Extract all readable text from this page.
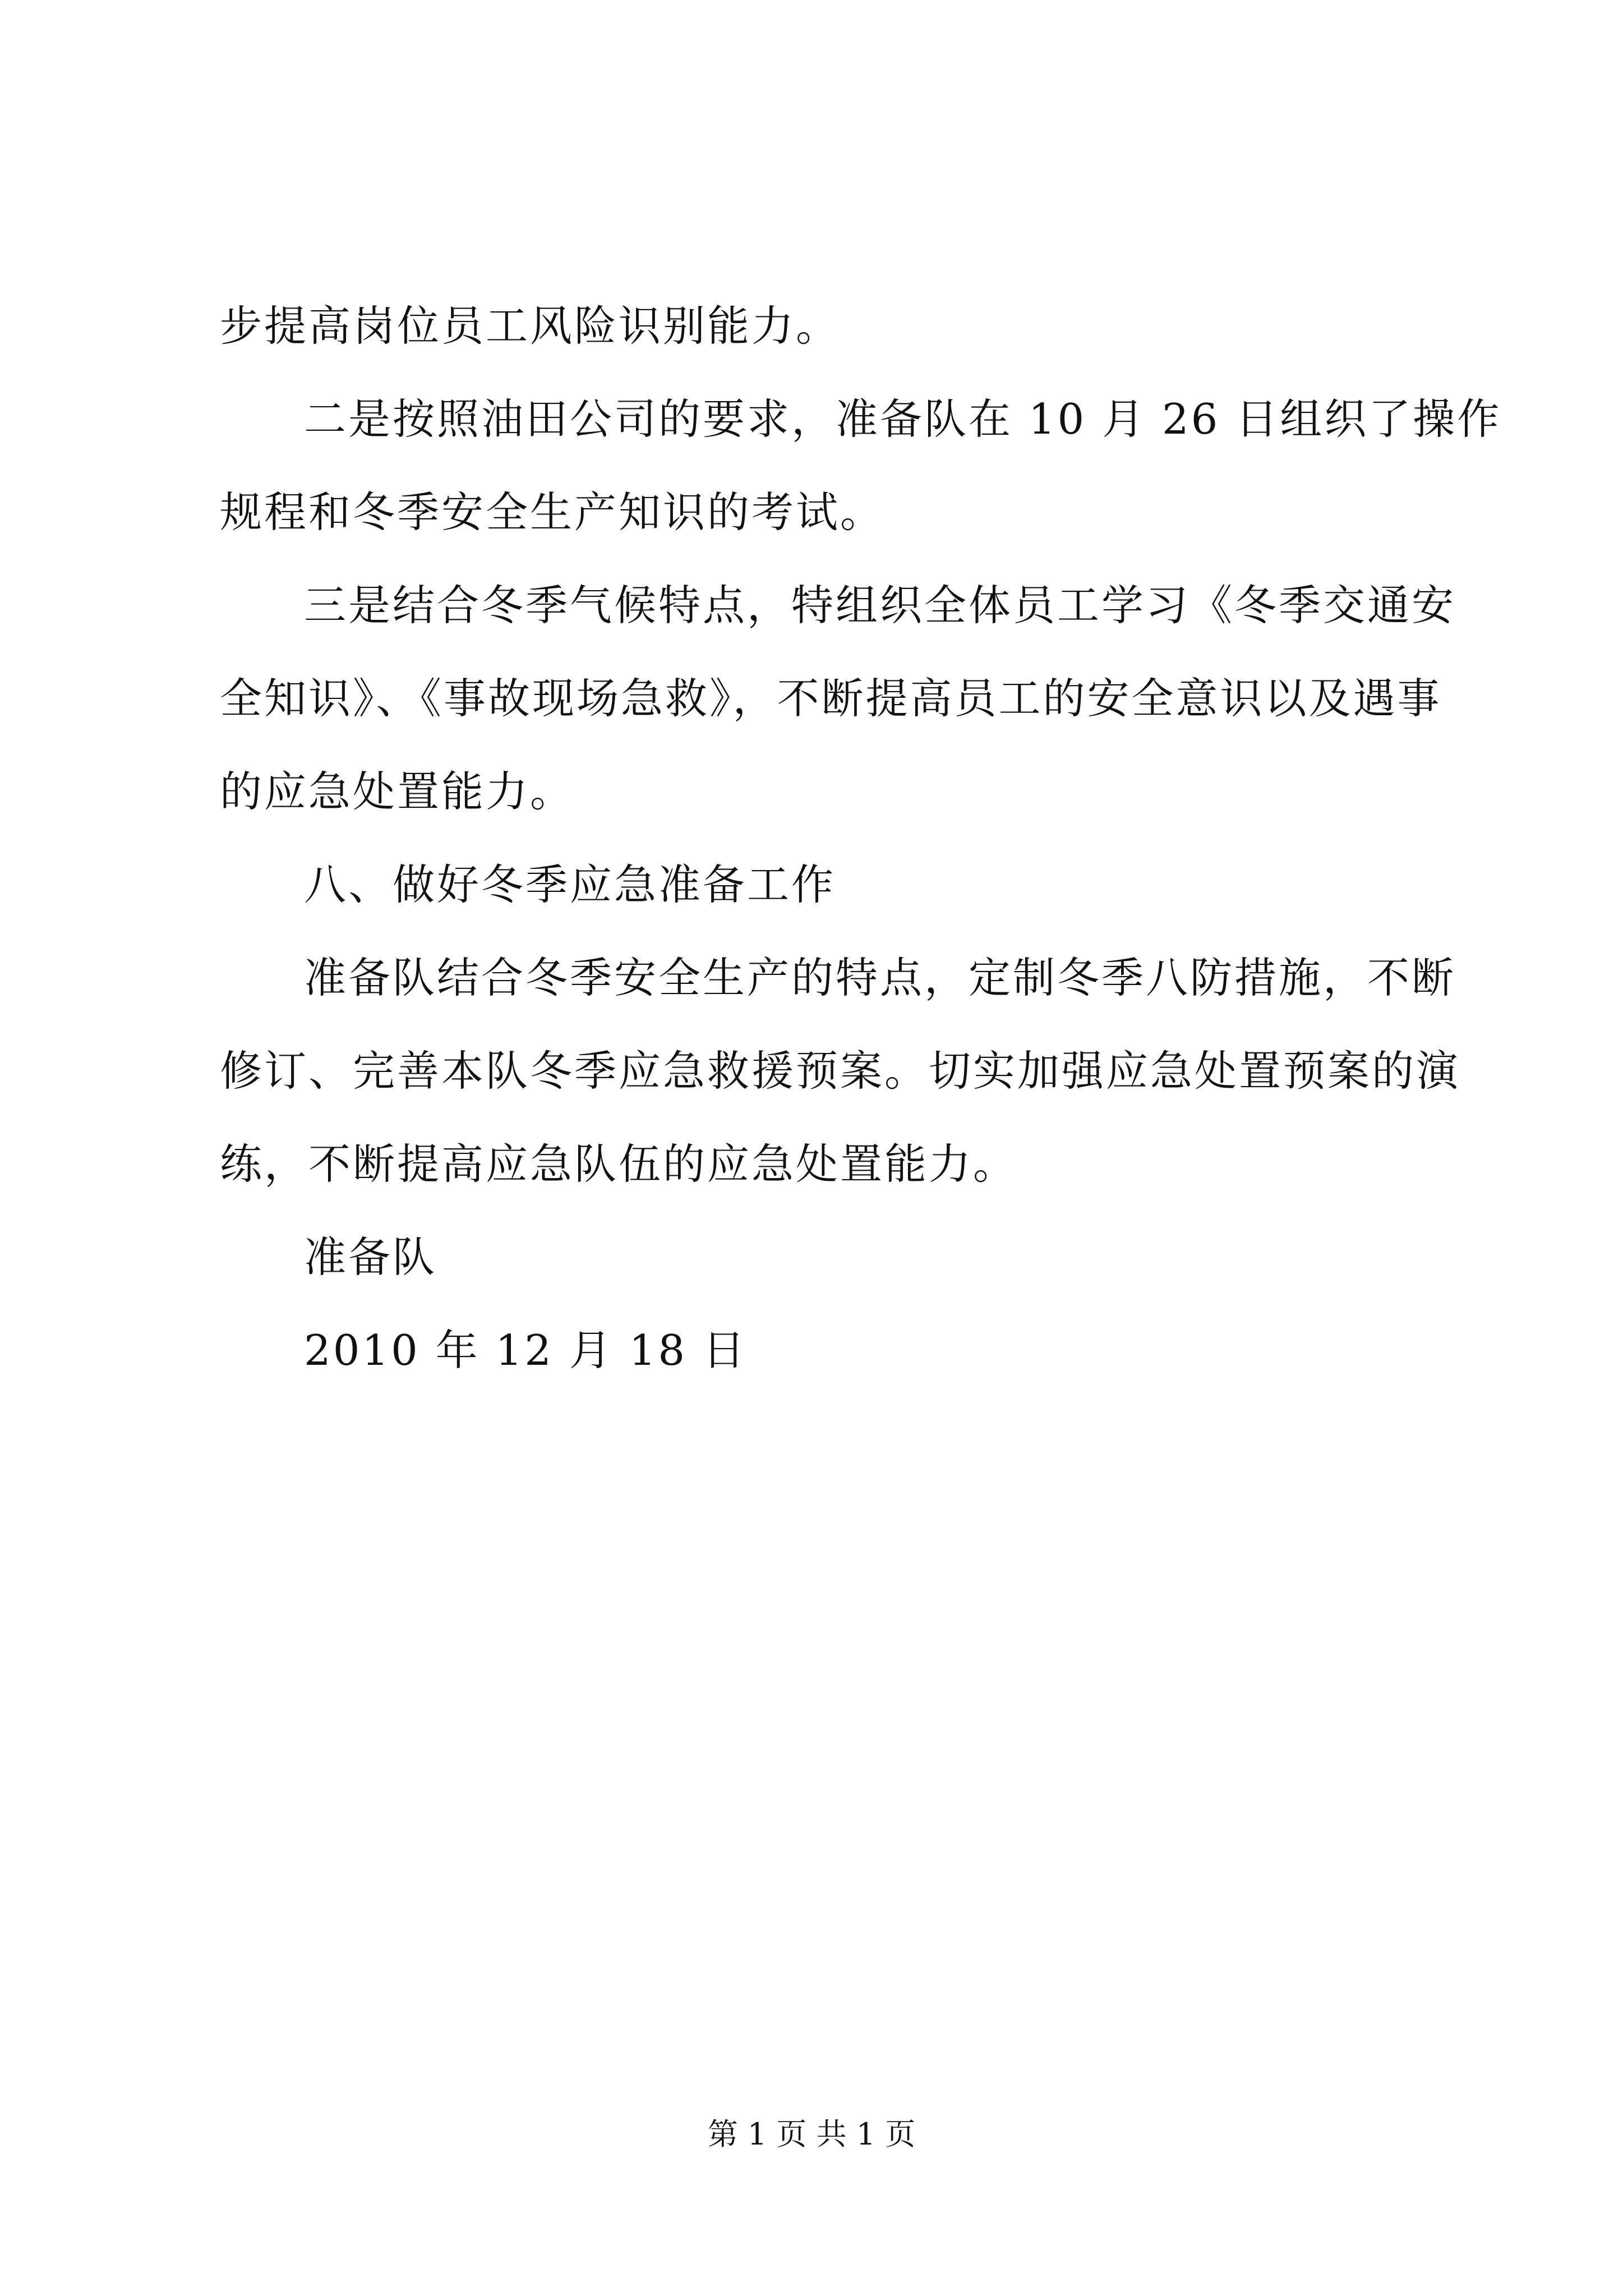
步提高岗位员工风险识别能力。
二是按照油田公司的要求，准备队在 10 月 26 日组织了操作
规程和冬季安全生产知识的考试。
三是结合冬季气候特点，特组织全体员工学习《冬季交通安
全知识》、《事故现场急救》，不断提高员工的安全意识以及遇事
的应急处置能力。
八、做好冬季应急准备工作
准备队结合冬季安全生产的特点，定制冬季八防措施，不断
修订、完善本队冬季应急救援预案。切实加强应急处置预案的演
练，不断提高应急队伍的应急处置能力。
准备队
2010 年 12 月 18 日
第 1 页 共 1 页
